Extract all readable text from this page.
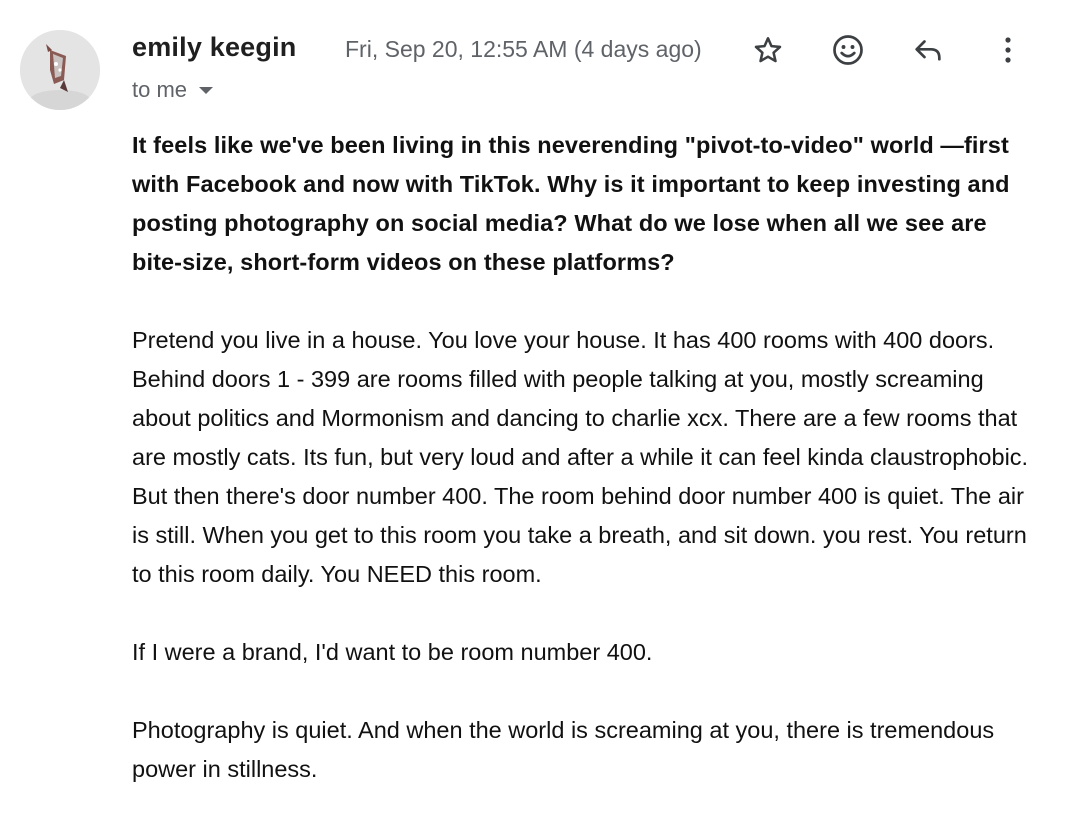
emily keegin Fri, Sep 20, 12:55 AM (4 days ago)
to me

It feels like we've been living in this neverending "pivot-to-video" world —first with Facebook and now with TikTok. Why is it important to keep investing and posting photography on social media? What do we lose when all we see are bite-size, short-form videos on these platforms?

Pretend you live in a house. You love your house. It has 400 rooms with 400 doors. Behind doors 1 - 399 are rooms filled with people talking at you, mostly screaming about politics and Mormonism and dancing to charlie xcx. There are a few rooms that are mostly cats. Its fun, but very loud and after a while it can feel kinda claustrophobic. But then there's door number 400. The room behind door number 400 is quiet. The air is still. When you get to this room you take a breath, and sit down. you rest. You return to this room daily. You NEED this room.

If I were a brand, I'd want to be room number 400.

Photography is quiet. And when the world is screaming at you, there is tremendous power in stillness.
